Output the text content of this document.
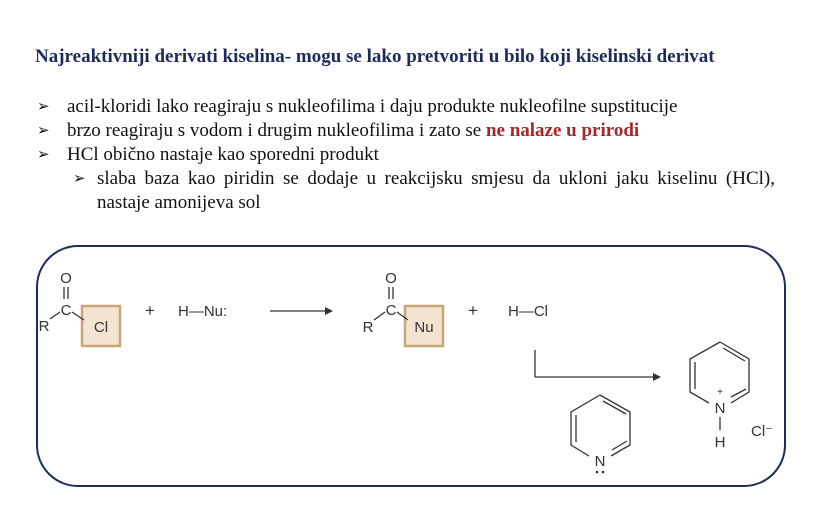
Najreaktivniji derivati kiselina- mogu se lako pretvoriti u bilo koji kiselinski derivat
➢ acil-kloridi lako reagiraju s nukleofilima i daju produkte nukleofilne supstitucije
➢ brzo reagiraju s vodom i drugim nukleofilima i zato se ne nalaze u prirodi
➢ HCl obično nastaje kao sporedni produkt
➢ slaba baza kao piridin se dodaje u reakcijsku smjesu da ukloni jaku kiselinu (HCl), nastaje amonijeva sol
O
C
R	Cl
+ H—Nu:
O
C
R	Nu
+ H—Cl
N
+
N
H
Cl⁻
